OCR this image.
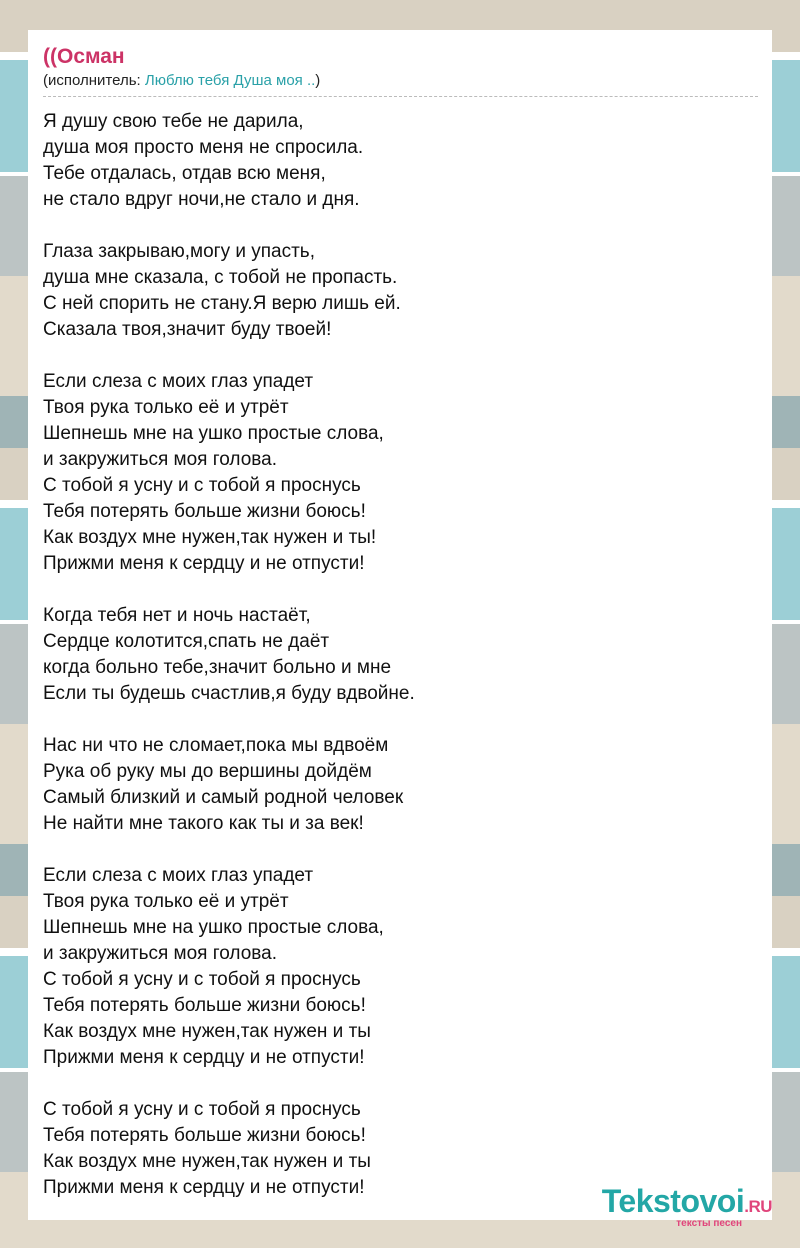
((Осман
(исполнитель: Люблю тебя Душа моя ..)
Я душу свою тебе не дарила,
душа моя просто меня не спросила.
Тебе отдалась, отдав всю меня,
не стало вдруг ночи,не стало и дня.
Глаза закрываю,могу и упасть,
душа мне сказала, с тобой не пропасть.
С ней спорить не стану.Я верю лишь ей.
Сказала твоя,значит буду твоей!
Если слеза с моих глаз упадет
Твоя рука только её и утрёт
Шепнешь мне на ушко простые слова,
и закружиться моя голова.
С тобой я усну и с тобой я проснусь
Тебя потерять больше жизни боюсь!
Как воздух мне нужен,так нужен и ты!
Прижми меня к сердцу и не отпусти!
Когда тебя нет и ночь настаёт,
Сердце колотится,спать не даёт
когда больно тебе,значит больно и мне
Если ты будешь счастлив,я буду вдвойне.
Нас ни что не сломает,пока мы вдвоём
Рука об руку мы до вершины дойдём
Самый близкий и самый родной человек
Не найти мне такого как ты и за век!
Если слеза с моих глаз упадет
Твоя рука только её и утрёт
Шепнешь мне на ушко простые слова,
и закружиться моя голова.
С тобой я усну и с тобой я проснусь
Тебя потерять больше жизни боюсь!
Как воздух мне нужен,так нужен и ты
Прижми меня к сердцу и не отпусти!
С тобой я усну и с тобой я проснусь
Тебя потерять больше жизни боюсь!
Как воздух мне нужен,так нужен и ты
Прижми меня к сердцу и не отпусти!	Tekstovoi.RU
тексты песен
